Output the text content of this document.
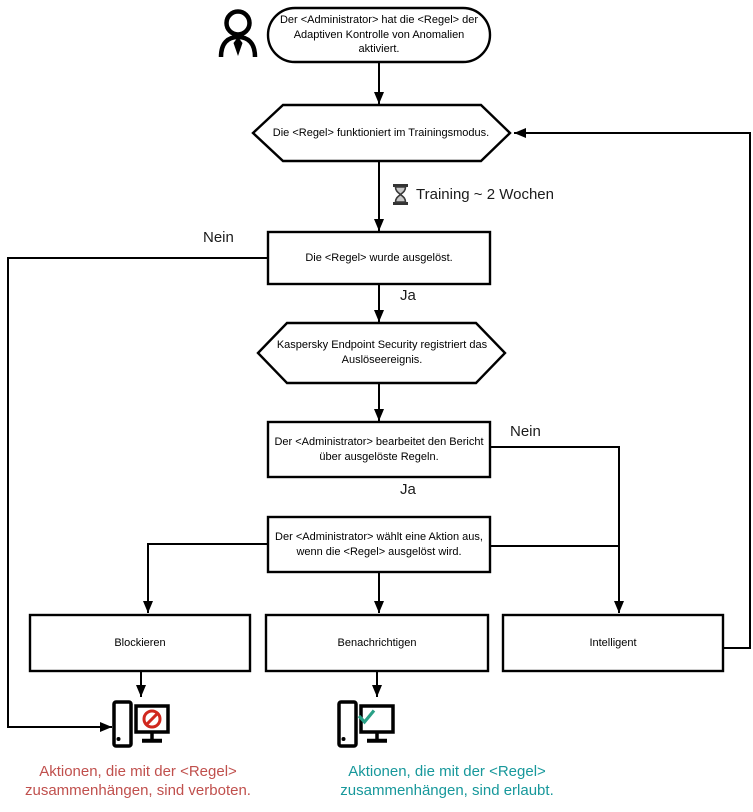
Der <Administrator> hat die <Regel> der Adaptiven Kontrolle von Anomalien aktiviert.
Die <Regel> funktioniert im Trainingsmodus.
Die <Regel> wurde ausgelöst.
Kaspersky Endpoint Security registriert das Auslöseereignis.
Der <Administrator> bearbeitet den Bericht über ausgelöste Regeln.
Der <Administrator> wählt eine Aktion aus, wenn die <Regel> ausgelöst wird.
Blockieren	Benachrichtigen	Intelligent
Nein
Ja
Nein
Ja
Training ~ 2 Wochen
Aktionen, die mit der <Regel> zusammenhängen, sind verboten.
Aktionen, die mit der <Regel> zusammenhängen, sind erlaubt.
